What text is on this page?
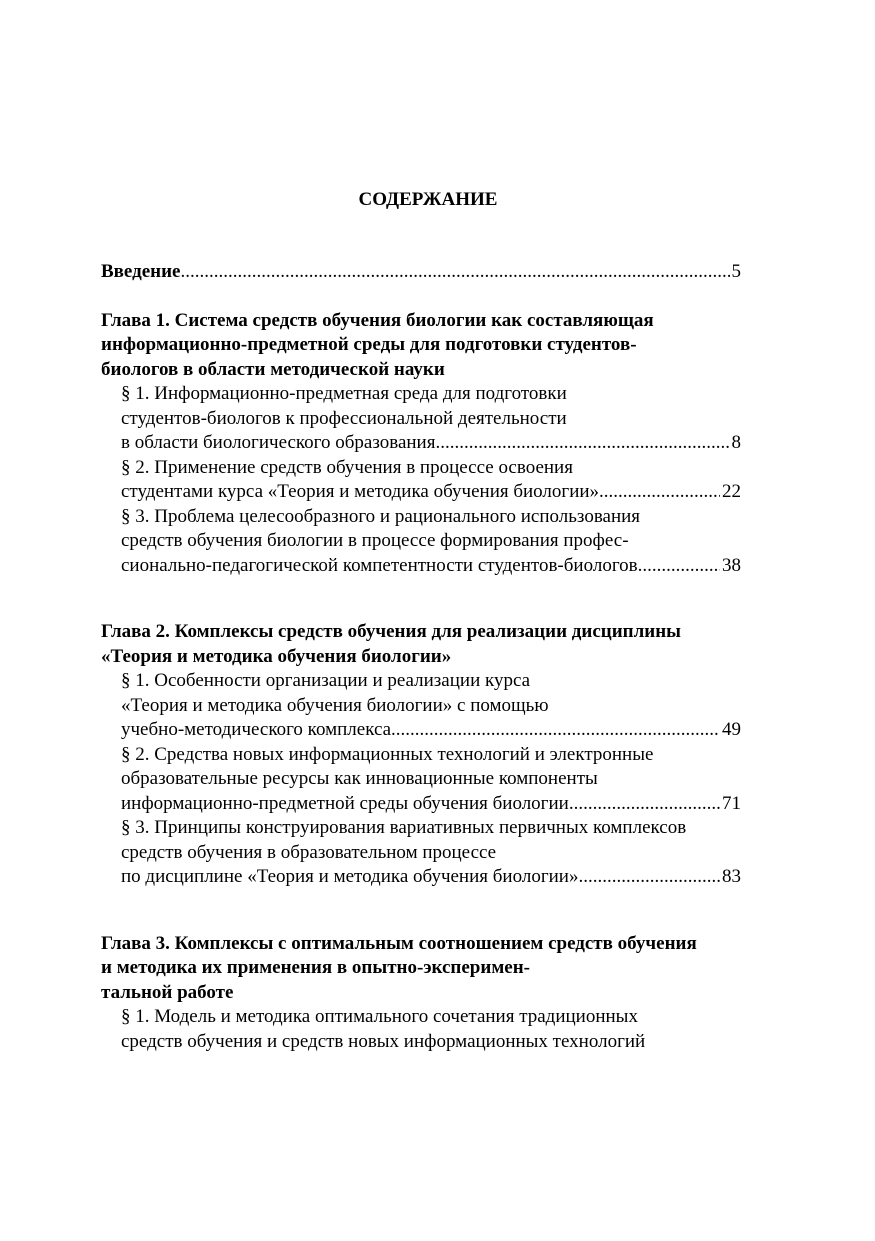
СОДЕРЖАНИЕ
Введение .....	5
Глава 1. Система средств обучения биологии как составляющая
информационно-предметной среды для подготовки студентов-
биологов в области методической науки
§ 1. Информационно-предметная среда для подготовки
студентов-биологов к профессиональной деятельности
в области биологического образования .....	8
§ 2. Применение средств обучения в процессе освоения
студентами курса «Теория и методика обучения биологии» .....	22
§ 3. Проблема целесообразного и рационального использования
средств обучения биологии в процессе формирования профес-
сионально-педагогической компетентности студентов-биологов .....	38
Глава 2. Комплексы средств обучения для реализации дисциплины
«Теория и методика обучения биологии»
§ 1. Особенности организации и реализации курса
«Теория и методика обучения биологии» с помощью
учебно-методического комплекса .....	49
§ 2. Средства новых информационных технологий и электронные
образовательные ресурсы как инновационные компоненты
информационно-предметной среды обучения биологии .....	71
§ 3. Принципы конструирования вариативных первичных комплексов
средств обучения в образовательном процессе
по дисциплине «Теория и методика обучения биологии» .....	83
Глава 3. Комплексы с оптимальным соотношением средств обучения
и методика их применения в опытно-эксперимен-
тальной работе
§ 1. Модель и методика оптимального сочетания традиционных
средств обучения и средств новых информационных технологий
